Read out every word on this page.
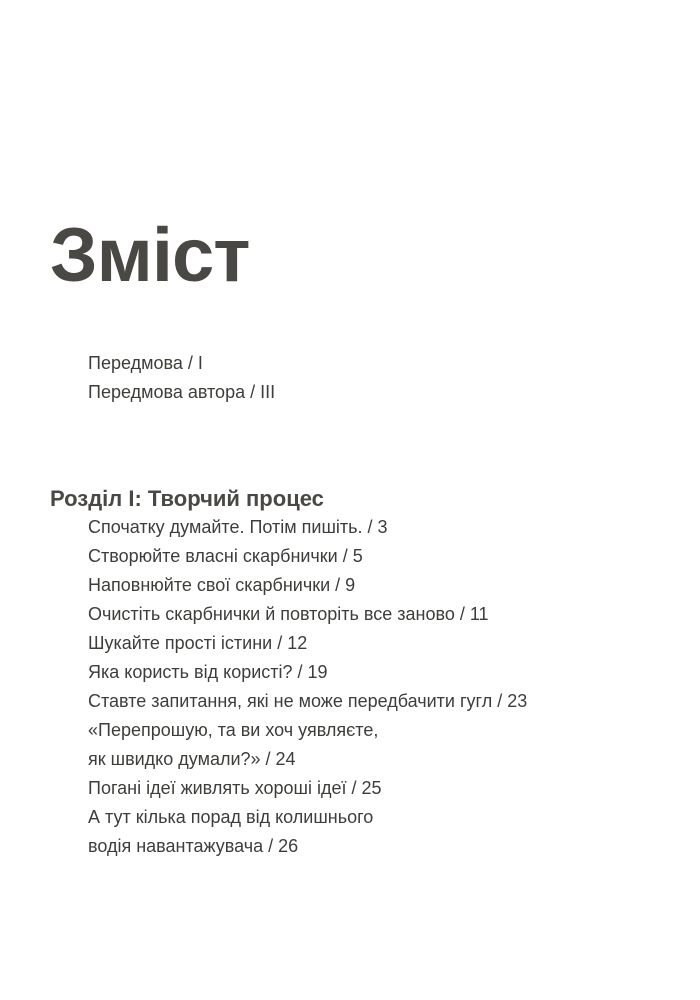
Зміст
Передмова / I
Передмова автора / III
Розділ I: Творчий процес
Спочатку думайте. Потім пишіть. / 3
Створюйте власні скарбнички / 5
Наповнюйте свої скарбнички / 9
Очистіть скарбнички й повторіть все заново / 11
Шукайте прості істини / 12
Яка користь від користі? / 19
Ставте запитання, які не може передбачити гугл / 23
«Перепрошую, та ви хоч уявляєте,
як швидко думали?» / 24
Погані ідеї живлять хороші ідеї / 25
А тут кілька порад від колишнього
водія навантажувача / 26
